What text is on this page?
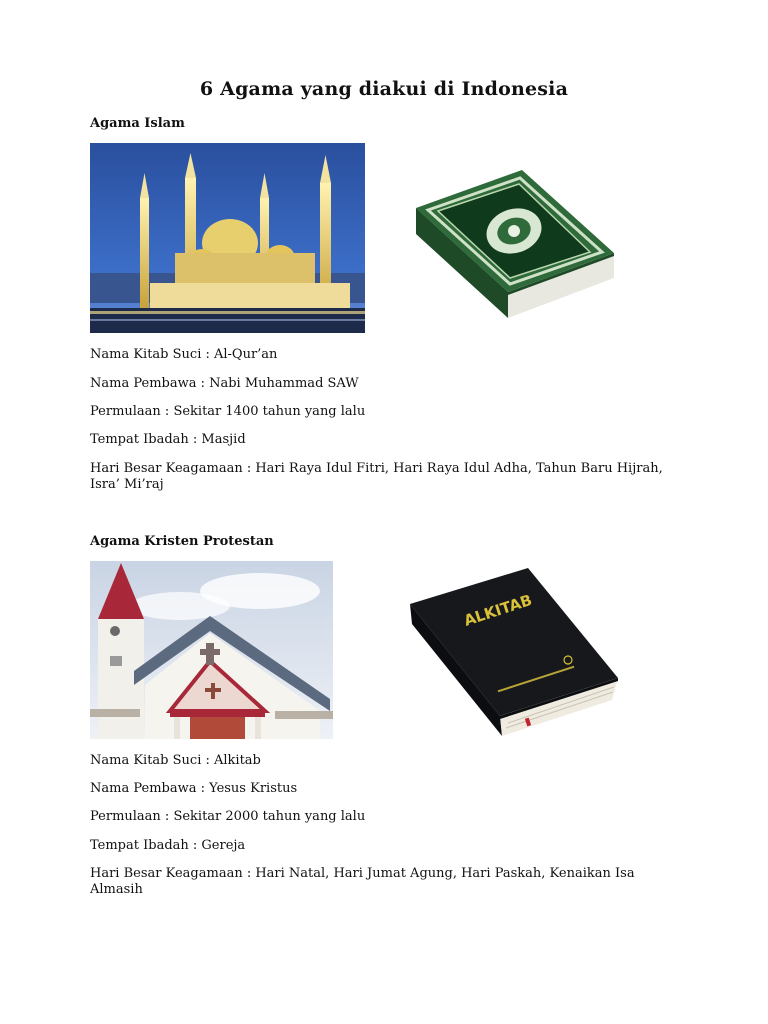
6 Agama yang diakui di Indonesia
Agama Islam
Nama Kitab Suci : Al-Qur’an
Nama Pembawa : Nabi Muhammad SAW
Permulaan : Sekitar 1400 tahun yang lalu
Tempat Ibadah : Masjid
Hari Besar Keagamaan : Hari Raya Idul Fitri, Hari Raya Idul Adha, Tahun Baru Hijrah, Isra’ Mi’raj
Agama Kristen Protestan
ALKITAB
Nama Kitab Suci : Alkitab
Nama Pembawa : Yesus Kristus
Permulaan : Sekitar 2000 tahun yang lalu
Tempat Ibadah : Gereja
Hari Besar Keagamaan : Hari Natal, Hari Jumat Agung, Hari Paskah, Kenaikan Isa Almasih
